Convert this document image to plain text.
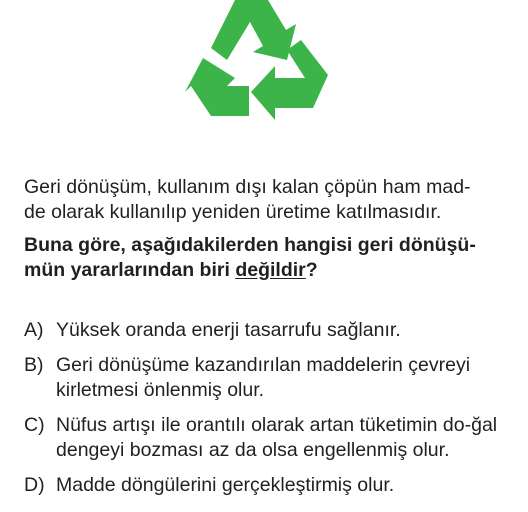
Geri dönüşüm, kullanım dışı kalan çöpün ham mad-
de olarak kullanılıp yeniden üretime katılmasıdır.

Buna göre, aşağıdakilerden hangisi geri dönüşü-
mün yararlarından biri değildir?

A) Yüksek oranda enerji tasarrufu sağlanır.
B) Geri dönüşüme kazandırılan maddelerin çevreyi kirletmesi önlenmiş olur.
C) Nüfus artışı ile orantılı olarak artan tüketimin do-ğal dengeyi bozması az da olsa engellenmiş olur.
D) Madde döngülerini gerçekleştirmiş olur.
